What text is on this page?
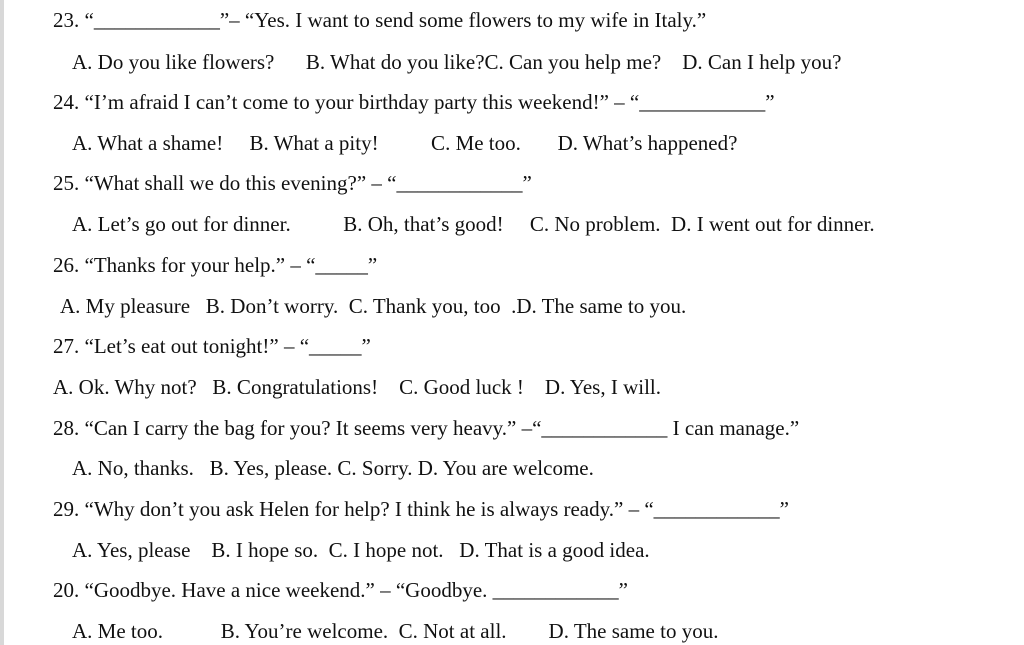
23. “____________”– “Yes. I want to send some flowers to my wife in Italy.”
A. Do you like flowers?      B. What do you like?C. Can you help me?    D. Can I help you?
24. “I’m afraid I can’t come to your birthday party this weekend!” – “____________”
A. What a shame!     B. What a pity!          C. Me too.       D. What’s happened?
25. “What shall we do this evening?” – “____________”
A. Let’s go out for dinner.          B. Oh, that’s good!     C. No problem.  D. I went out for dinner.
26. “Thanks for your help.” – “_____”
A. My pleasure   B. Don’t worry.  C. Thank you, too  .D. The same to you.
27. “Let’s eat out tonight!” – “_____”
A. Ok. Why not?   B. Congratulations!    C. Good luck !    D. Yes, I will.
28. “Can I carry the bag for you? It seems very heavy.” –“____________ I can manage.”
A. No, thanks.   B. Yes, please. C. Sorry. D. You are welcome.
29. “Why don’t you ask Helen for help? I think he is always ready.” – “____________”
A. Yes, please    B. I hope so.  C. I hope not.   D. That is a good idea.
20. “Goodbye. Have a nice weekend.” – “Goodbye. ____________”
A. Me too.           B. You’re welcome.  C. Not at all.        D. The same to you.
